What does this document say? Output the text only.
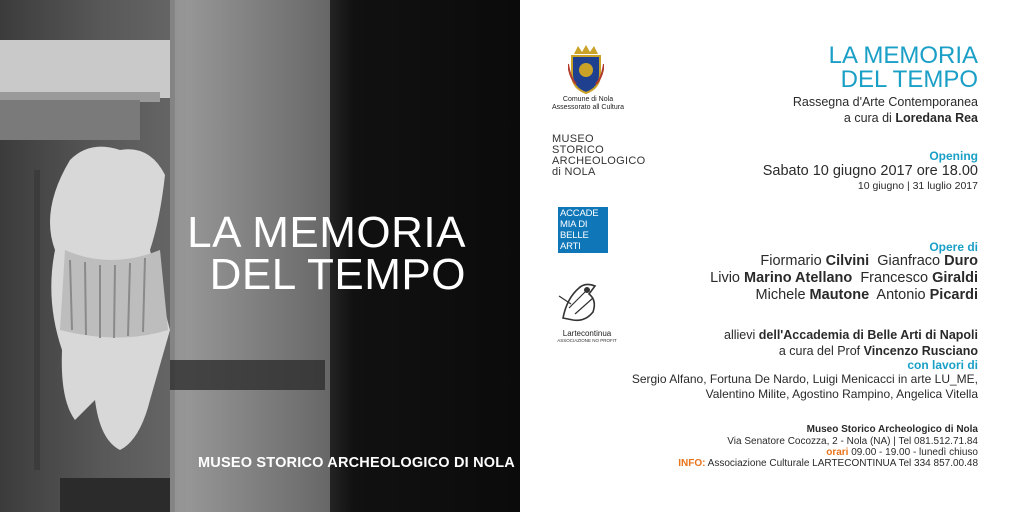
LA MEMORIA
DEL TEMPO
MUSEO STORICO ARCHEOLOGICO DI NOLA
Comune di Nola
Assessorato all Cultura
MUSEO
STORICO
ARCHEOLOGICO
di NOLA
ACCADE
MIA DI
BELLE ARTI
DI NAPOLI
Lartecontinua
ASSOCIAZIONE NO PROFIT
LA MEMORIA
DEL TEMPO
Rassegna d'Arte Contemporanea
a cura di Loredana Rea
Opening
Sabato 10 giugno 2017 ore 18.00
10 giugno | 31 luglio 2017
Opere di
Fiormario Cilvini Gianfraco Duro
Livio Marino Atellano Francesco Giraldi
Michele Mautone Antonio Picardi
allievi dell'Accademia di Belle Arti di Napoli
a cura del Prof Vincenzo Rusciano
con lavori di
Sergio Alfano, Fortuna De Nardo, Luigi Menicacci in arte LU_ME,
Valentino Milite, Agostino Rampino, Angelica Vitella
Museo Storico Archeologico di Nola
Via Senatore Cocozza, 2 - Nola (NA) | Tel 081.512.71.84
orari 09.00 - 19.00 - lunedì chiuso
INFO: Associazione Culturale LARTECONTINUA Tel 334 857.00.48
